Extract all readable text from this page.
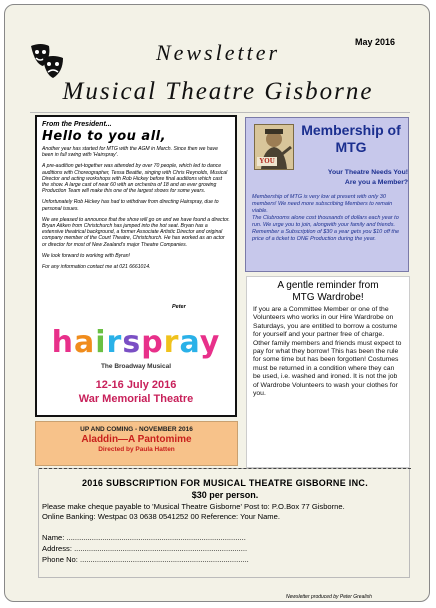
May 2016
Newsletter
Musical Theatre Gisborne
From the President...
Hello to you all,

Another year has started for MTG with the AGM in March. Since then we have been in full swing with 'Hairspray'.

A pre-audition get-together was attended by over 70 people, which led to dance auditions with Choreographer, Tessa Beattie, singing with Chris Reynolds, Musical Director and acting workshops with Rob Hickey before final auditions which cast the show. A large cast of near 60 with an orchestra of 18 and an ever growing Production Team will make this one of the largest shows for some years.

Unfortunately Rob Hickey has had to withdraw from directing Hairspray, due to personal issues.

We are pleased to announce that the show will go on and we have found a director. Bryan Aitken from Christchurch has jumped into the hot seat. Bryan has a extensive theatrical background, a former Associate Artistic Director and original company member of the Court Theatre, Christchurch. He has worked as an actor or director for most of New Zealand's major Theatre Companies.

We look forward to working with Byran!

For any information contact me at 021 6661014.

Peter
hairspray
The Broadway Musical
12-16 July 2016
War Memorial Theatre
UP AND COMING - NOVEMBER 2016
Aladdin—A Pantomime
Directed by Paula Hatten
YOU
Membership of MTG
Your Theatre Needs You!
Are you a Member?

Membership of MTG is very low at present with only 30 members! We need more subscribing Members to remain viable.

The Clubrooms alone cost thousands of dollars each year to run. We urge you to join, alongwith your family and friends.

Remember a Subscription of $30 a year gets you $10 off the price of a ticket to ONE Production during the year.

A gentle reminder from
MTG Wardrobe!

If you are a Committee Member or one of the Volunteers who works in our Hire Wardrobe on Saturdays, you are entitled to borrow a costume for yourself and your partner free of charge.

Other family members and friends must expect to pay for what they borrow! This has been the rule for some time but has been forgotten! Costumes must be returned in a condition where they can be used, i.e. washed and ironed. It is not the job of Wardrobe Volunteers to wash your clothes for you.

2016 SUBSCRIPTION FOR MUSICAL THEATRE GISBORNE INC.
$30 per person.
Please make cheque payable to 'Musical Theatre Gisborne' Post to: P.O.Box 77 Gisborne.
Online Banking: Westpac 03 0638 0541252 00 Reference: Your Name.
Name: .....................................................................................
Address: ..................................................................................
Phone No: ................................................................................
Newsletter produced by Peter Grealish
